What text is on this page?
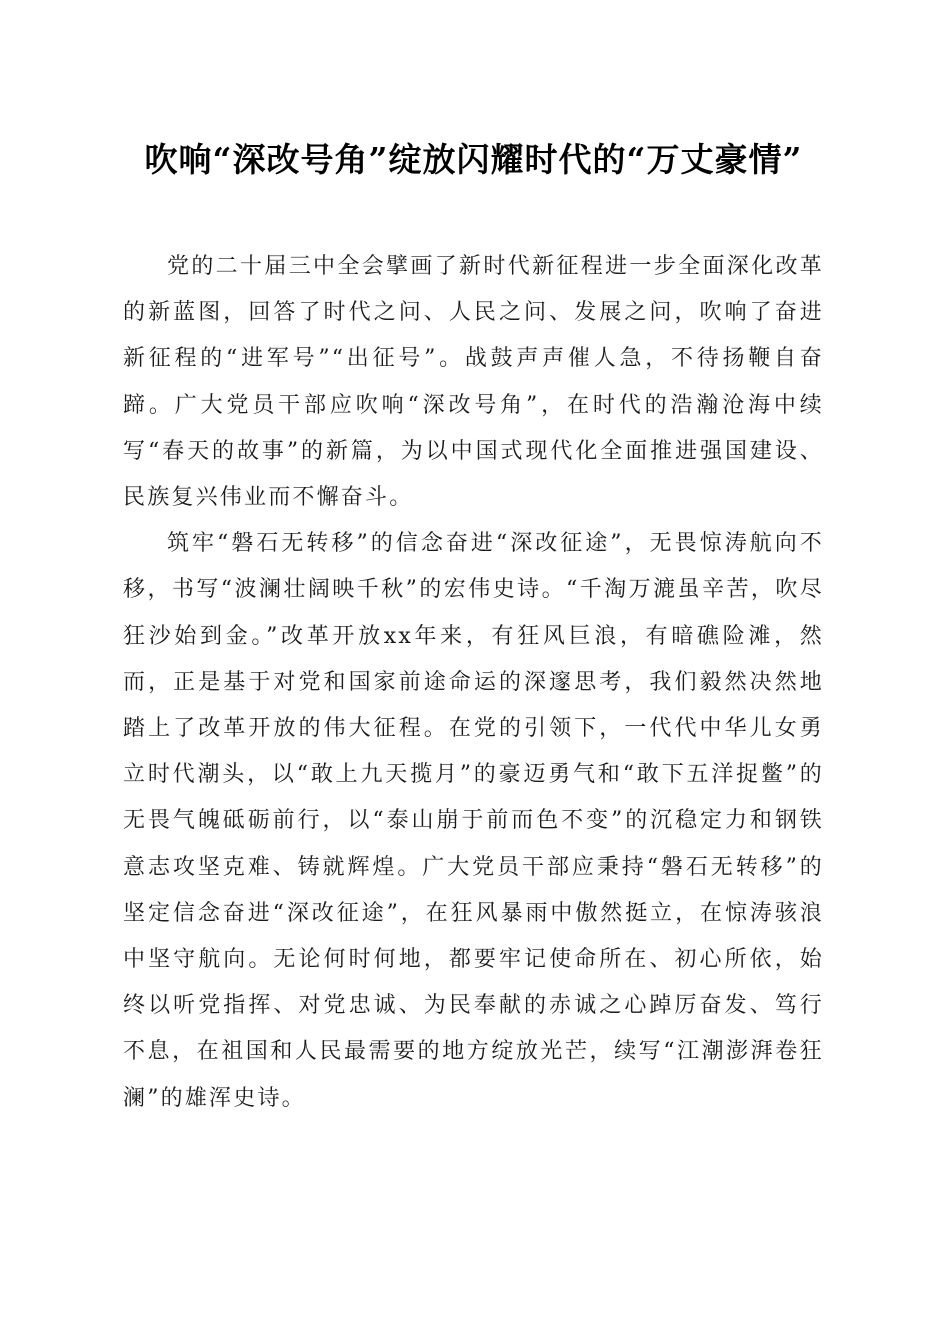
吹响“深改号角”绽放闪耀时代的“万丈豪情”

党的二十届三中全会擘画了新时代新征程进一步全面深化改革的新蓝图，回答了时代之问、人民之问、发展之问，吹响了奋进新征程的“进军号”“出征号”。战鼓声声催人急，不待扬鞭自奋蹄。广大党员干部应吹响“深改号角”，在时代的浩瀚沧海中续写“春天的故事”的新篇，为以中国式现代化全面推进强国建设、民族复兴伟业而不懈奋斗。

筑牢“磐石无转移”的信念奋进“深改征途”，无畏惊涛航向不移，书写“波澜壮阔映千秋”的宏伟史诗。“千淘万漉虽辛苦，吹尽狂沙始到金。”改革开放xx年来，有狂风巨浪，有暗礁险滩，然而，正是基于对党和国家前途命运的深邃思考，我们毅然决然地踏上了改革开放的伟大征程。在党的引领下，一代代中华儿女勇立时代潮头，以“敢上九天揽月”的豪迈勇气和“敢下五洋捉鳖”的无畏气魄砥砺前行，以“泰山崩于前而色不变”的沉稳定力和钢铁意志攻坚克难、铸就辉煌。广大党员干部应秉持“磐石无转移”的坚定信念奋进“深改征途”，在狂风暴雨中傲然挺立，在惊涛骇浪中坚守航向。无论何时何地，都要牢记使命所在、初心所依，始终以听党指挥、对党忠诚、为民奉献的赤诚之心踔厉奋发、笃行不息，在祖国和人民最需要的地方绽放光芒，续写“江潮澎湃卷狂澜”的雄浑史诗。
